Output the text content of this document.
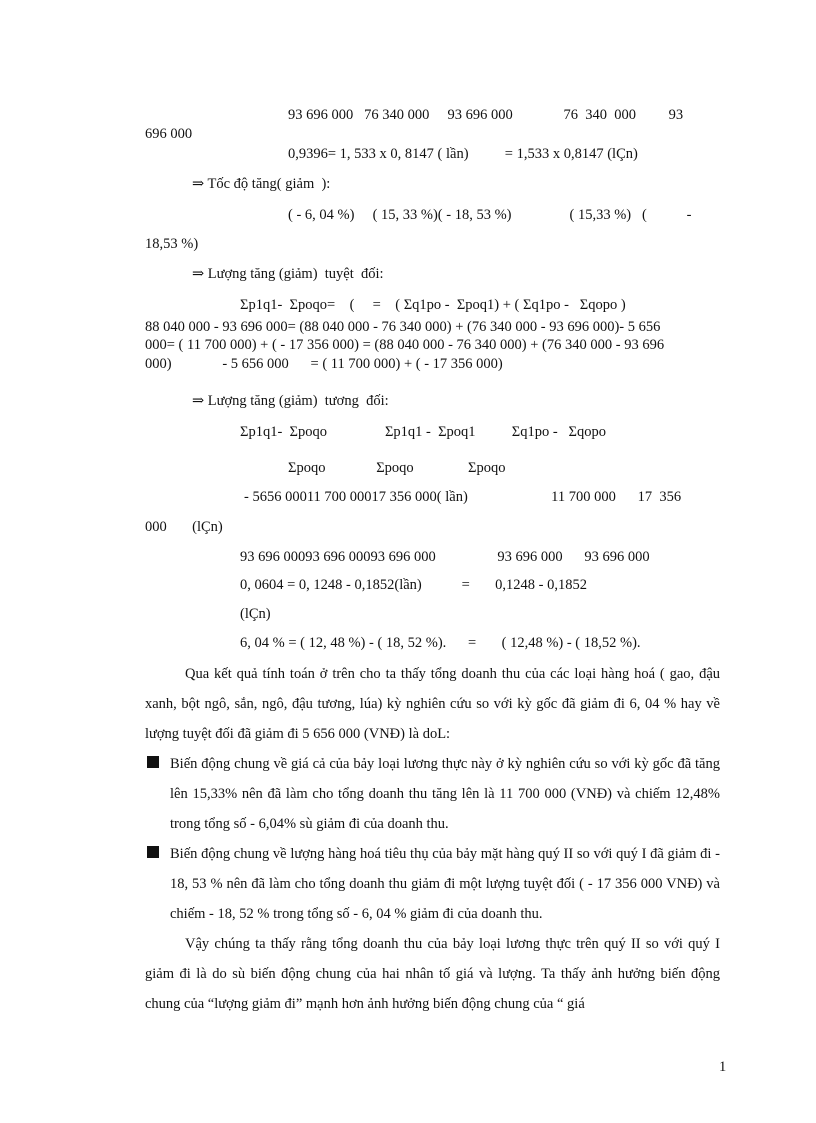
93 696 000   76 340 000     93 696 000              76  340  000         93
696 000
0,9396= 1, 533 x 0, 8147 ( lần)          = 1,533 x 0,8147 (lÇn)
⇒ Tốc độ tăng( giảm  ):
( - 6, 04 %)     ( 15, 33 %)( - 18, 53 %)                ( 15,33 %)   (           -
18,53 %)
⇒ Lượng tăng (giảm)  tuyệt  đối:
Σp1q1-  Σpoqo=    (     =    ( Σq1po -  Σpoq1) + ( Σq1po -   Σqopo )
88 040 000 - 93 696 000= (88 040 000 - 76 340 000) + (76 340 000 - 93 696 000)- 5 656
000= ( 11 700 000) + ( - 17 356 000) = (88 040 000 - 76 340 000) + (76 340 000 - 93 696
000)              - 5 656 000      = ( 11 700 000) + ( - 17 356 000)
⇒ Lượng tăng (giảm)  tương  đối:
Σp1q1-  Σpoqo                Σp1q1 -  Σpoq1          Σq1po -   Σqopo
Σpoqo              Σpoqo               Σpoqo
- 5656 00011 700 00017 356 000( lần)                       11 700 000      17  356
000       (lÇn)
93 696 00093 696 00093 696 000                 93 696 000      93 696 000
0, 0604 = 0, 1248 - 0,1852(lần)           =       0,1248 - 0,1852
(lÇn)
6, 04 % = ( 12, 48 %) - ( 18, 52 %).      =       ( 12,48 %) - ( 18,52 %).
Qua kết quả tính toán ở trên cho ta thấy tổng doanh thu của các loại hàng hoá ( gao, đậu xanh, bột ngô, sắn, ngô, đậu tương, lúa) kỳ nghiên cứu so với kỳ gốc đã giảm đi 6, 04 % hay về lượng tuyệt đối đã giảm đi 5 656 000 (VNĐ) là doL:
Biến động chung về giá cả của bảy loại lương thực này ở kỳ nghiên cứu so với kỳ gốc đã tăng lên 15,33% nên đã làm cho tổng doanh thu tăng lên là 11 700 000 (VNĐ) và chiếm 12,48% trong tổng số - 6,04% sù giảm đi của doanh thu.
Biến động chung về lượng hàng hoá tiêu thụ của bảy mặt hàng quý II so với quý I đã giảm đi - 18, 53 % nên đã làm cho tổng doanh thu giảm đi một lượng tuyệt đối ( - 17 356 000 VNĐ) và chiếm - 18, 52 % trong tổng số - 6, 04 % giảm đi của doanh thu.
Vậy chúng ta thấy rằng tổng doanh thu của bảy loại lương thực trên quý II so với quý I giảm đi là do sù biến động chung của hai nhân tố giá và lượng. Ta thấy ảnh hưởng biến động chung của “lượng giảm đi” mạnh hơn ảnh hưởng biến động chung của “ giá
1
